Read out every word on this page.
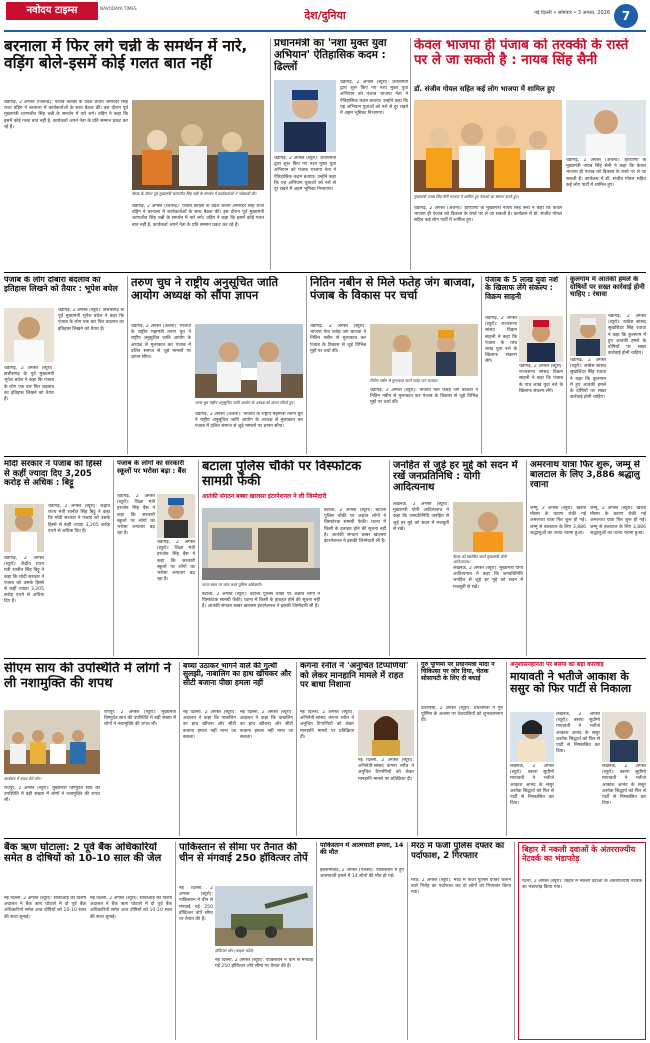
नवोदय टाइम्स	NAVODAYA TIMES
देश/दुनिया	नई दिल्ली • सोमवार • 3 अगस्त, 2026 7
बरनाला में फिर लगे चन्नी के समर्थन में नारे, वड़िंग बोले-इसमें कोई गलत बात नहीं
बैठक के दौरान पूर्व मुख्यमंत्री चरणजीत सिंह चन्नी के समर्थन में कार्यकर्ताओं ने नारेबाजी की।
चंडीगढ़, 2 अगस्त (जितेन्द्र): पंजाब कांग्रेस के प्रदेश प्रधान अमरिंदर सिंह राजा वड़िंग ने बरनाला में कार्यकर्ताओं के साथ बैठक की। इस दौरान पूर्व मुख्यमंत्री चरणजीत सिंह चन्नी के समर्थन में नारे लगे। वड़िंग ने कहा कि इसमें कोई गलत बात नहीं है, कार्यकर्ता अपने नेता के प्रति सम्मान प्रकट कर रहे हैं।
चंडीगढ़, 2 अगस्त (जितेन्द्र): पंजाब कांग्रेस के प्रदेश प्रधान अमरिंदर सिंह राजा वड़िंग ने बरनाला में कार्यकर्ताओं के साथ बैठक की। इस दौरान पूर्व मुख्यमंत्री चरणजीत सिंह चन्नी के समर्थन में नारे लगे। वड़िंग ने कहा कि इसमें कोई गलत बात नहीं है, कार्यकर्ता अपने नेता के प्रति सम्मान प्रकट कर रहे हैं।
प्रधानमंत्री का 'नशा मुक्त युवा अभियान' ऐतिहासिक कदम : ढिल्लों
चंडीगढ़, 2 अगस्त (ब्यूरो): प्रधानमंत्री द्वारा शुरू किए गए नशा मुक्त युवा अभियान को पंजाब भाजपा नेता ने ऐतिहासिक कदम बताया। उन्होंने कहा कि यह अभियान युवाओं को नशे से दूर रखने में अहम भूमिका निभाएगा।
चंडीगढ़, 2 अगस्त (ब्यूरो): प्रधानमंत्री द्वारा शुरू किए गए नशा मुक्त युवा अभियान को पंजाब भाजपा नेता ने ऐतिहासिक कदम बताया। उन्होंने कहा कि यह अभियान युवाओं को नशे से दूर रखने में अहम भूमिका निभाएगा।
केवल भाजपा ही पंजाब को तरक्की के रास्ते पर ले जा सकती है : नायब सिंह सैनी
डॉ. संजीव गोयल सहित कई लोग भाजपा में शामिल हुए
मुख्यमंत्री नायब सिंह सैनी भाजपा में शामिल हुए नेताओं का स्वागत करते हुए।
चंडीगढ़, 2 अगस्त (अर्चना): हरियाणा के मुख्यमंत्री नायब सिंह सैनी ने कहा कि केवल भाजपा ही पंजाब को विकास के रास्ते पर ले जा सकती है। कार्यक्रम में डॉ. संजीव गोयल सहित कई लोग पार्टी में शामिल हुए।
चंडीगढ़, 2 अगस्त (अर्चना): हरियाणा के मुख्यमंत्री नायब सिंह सैनी ने कहा कि केवल भाजपा ही पंजाब को विकास के रास्ते पर ले जा सकती है। कार्यक्रम में डॉ. संजीव गोयल सहित कई लोग पार्टी में शामिल हुए।
पंजाब के लोग दोबारा बदलाव का इतिहास लिखने को तैयार : भूपेश बघेल
चंडीगढ़, 2 अगस्त (ब्यूरो): छत्तीसगढ़ के पूर्व मुख्यमंत्री भूपेश बघेल ने कहा कि पंजाब के लोग एक बार फिर बदलाव का इतिहास लिखने को तैयार हैं।
चंडीगढ़, 2 अगस्त (ब्यूरो): छत्तीसगढ़ के पूर्व मुख्यमंत्री भूपेश बघेल ने कहा कि पंजाब के लोग एक बार फिर बदलाव का इतिहास लिखने को तैयार हैं।
तरुण चुघ ने राष्ट्रीय अनुसूचित जाति आयोग अध्यक्ष को सौंपा ज्ञापन
चंडीगढ़, 2 अगस्त (अर्चना): भाजपा के राष्ट्रीय महामंत्री तरुण चुघ ने राष्ट्रीय अनुसूचित जाति आयोग के अध्यक्ष से मुलाकात कर पंजाब में दलित समाज से जुड़े मामलों पर ज्ञापन सौंपा।
तरुण चुघ राष्ट्रीय अनुसूचित जाति आयोग के अध्यक्ष को ज्ञापन सौंपते हुए।
चंडीगढ़, 2 अगस्त (अर्चना): भाजपा के राष्ट्रीय महामंत्री तरुण चुघ ने राष्ट्रीय अनुसूचित जाति आयोग के अध्यक्ष से मुलाकात कर पंजाब में दलित समाज से जुड़े मामलों पर ज्ञापन सौंपा।
नितिन नबीन से मिले फतेह जंग बाजवा, पंजाब के विकास पर चर्चा
नितिन नबीन से मुलाकात करते फतेह जंग बाजवा।
चंडीगढ़, 2 अगस्त (ब्यूरो): भाजपा नेता फतेह जंग बाजवा ने नितिन नबीन से मुलाकात कर पंजाब के विकास से जुड़े विभिन्न मुद्दों पर चर्चा की।
चंडीगढ़, 2 अगस्त (ब्यूरो): भाजपा नेता फतेह जंग बाजवा ने नितिन नबीन से मुलाकात कर पंजाब के विकास से जुड़े विभिन्न मुद्दों पर चर्चा की।
पंजाब के 5 लाख युवा नशे के खिलाफ लेंगे संकल्प : विक्रम साहनी
चंडीगढ़, 2 अगस्त (ब्यूरो): राज्यसभा सांसद विक्रम साहनी ने कहा कि पंजाब के पांच लाख युवा नशे के खिलाफ संकल्प लेंगे।
चंडीगढ़, 2 अगस्त (ब्यूरो): राज्यसभा सांसद विक्रम साहनी ने कहा कि पंजाब के पांच लाख युवा नशे के खिलाफ संकल्प लेंगे।
कुलगाम में आतंकी हमले के दोषियों पर सख्त कार्रवाई होनी चाहिए : रंधावा
चंडीगढ़, 2 अगस्त (ब्यूरो): कांग्रेस सांसद सुखजिंदर सिंह रंधावा ने कहा कि कुलगाम में हुए आतंकी हमले के दोषियों पर सख्त कार्रवाई होनी चाहिए।
चंडीगढ़, 2 अगस्त (ब्यूरो): कांग्रेस सांसद सुखजिंदर सिंह रंधावा ने कहा कि कुलगाम में हुए आतंकी हमले के दोषियों पर सख्त कार्रवाई होनी चाहिए।
मोदी सरकार ने पंजाब को हिस्से से कहीं ज्यादा दिए 3,205 करोड़ से अधिक : बिट्टू
चंडीगढ़, 2 अगस्त (ब्यूरो): केंद्रीय राज्य मंत्री रवनीत सिंह बिट्टू ने कहा कि मोदी सरकार ने पंजाब को उसके हिस्से से कहीं ज्यादा 3,205 करोड़ रुपये से अधिक दिए हैं।
चंडीगढ़, 2 अगस्त (ब्यूरो): केंद्रीय राज्य मंत्री रवनीत सिंह बिट्टू ने कहा कि मोदी सरकार ने पंजाब को उसके हिस्से से कहीं ज्यादा 3,205 करोड़ रुपये से अधिक दिए हैं।
पंजाब के लोगों का सरकारी स्कूलों पर भरोसा बढ़ा : बैंस
चंडीगढ़, 2 अगस्त (ब्यूरो): शिक्षा मंत्री हरजोत सिंह बैंस ने कहा कि सरकारी स्कूलों पर लोगों का भरोसा लगातार बढ़ रहा है।
चंडीगढ़, 2 अगस्त (ब्यूरो): शिक्षा मंत्री हरजोत सिंह बैंस ने कहा कि सरकारी स्कूलों पर लोगों का भरोसा लगातार बढ़ रहा है।
बटाला पुलिस चौकी पर विस्फोटक सामग्री फेंकी
आतंकी संगठन बब्बर खालसा इंटरनेशनल ने ली जिम्मेदारी
घटना स्थल पर जांच करते पुलिस अधिकारी।
बटाला, 2 अगस्त (ब्यूरो): बटाला पुलिस चौकी पर अज्ञात लोगों ने विस्फोटक सामग्री फेंकी। घटना में किसी के हताहत होने की सूचना नहीं है। आतंकी संगठन बब्बर खालसा इंटरनेशनल ने इसकी जिम्मेदारी ली है।
बटाला, 2 अगस्त (ब्यूरो): बटाला पुलिस चौकी पर अज्ञात लोगों ने विस्फोटक सामग्री फेंकी। घटना में किसी के हताहत होने की सूचना नहीं है। आतंकी संगठन बब्बर खालसा इंटरनेशनल ने इसकी जिम्मेदारी ली है।
जनहित से जुड़े हर मुद्दे को सदन में रखें जनप्रतिनिधि : योगी आदित्यनाथ
बैठक को संबोधित करते मुख्यमंत्री योगी आदित्यनाथ।
लखनऊ, 2 अगस्त (ब्यूरो): मुख्यमंत्री योगी आदित्यनाथ ने कहा कि जनप्रतिनिधि जनहित से जुड़े हर मुद्दे को सदन में मजबूती से रखें।
लखनऊ, 2 अगस्त (ब्यूरो): मुख्यमंत्री योगी आदित्यनाथ ने कहा कि जनप्रतिनिधि जनहित से जुड़े हर मुद्दे को सदन में मजबूती से रखें।
अमरनाथ यात्रा फिर शुरू, जम्मू से बालटाल के लिए 3,886 श्रद्धालु रवाना
जम्मू, 2 अगस्त (ब्यूरो): खराब मौसम के कारण रोकी गई अमरनाथ यात्रा फिर शुरू हो गई। जम्मू से बालटाल के लिए 3,886 श्रद्धालुओं का जत्था रवाना हुआ।
जम्मू, 2 अगस्त (ब्यूरो): खराब मौसम के कारण रोकी गई अमरनाथ यात्रा फिर शुरू हो गई। जम्मू से बालटाल के लिए 3,886 श्रद्धालुओं का जत्था रवाना हुआ।
सीएम साय की उपस्थिति में लोगों ने ली नशामुक्ति की शपथ
कार्यक्रम में शपथ लेते लोग।
रायपुर, 2 अगस्त (ब्यूरो): मुख्यमंत्री विष्णुदेव साय की उपस्थिति में बड़ी संख्या में लोगों ने नशामुक्ति की शपथ ली।
रायपुर, 2 अगस्त (ब्यूरो): मुख्यमंत्री विष्णुदेव साय की उपस्थिति में बड़ी संख्या में लोगों ने नशामुक्ति की शपथ ली।
बच्चा उठाकर भागने वाले की गुत्थी सुलझी, नाबालिग का हाथ खींचकर और सीटी बजाना पीछा हमला नहीं
नई दिल्ली, 2 अगस्त (ब्यूरो): अदालत ने कहा कि नाबालिग का हाथ खींचना और सीटी बजाना हमला नहीं माना जा सकता।
नई दिल्ली, 2 अगस्त (ब्यूरो): अदालत ने कहा कि नाबालिग का हाथ खींचना और सीटी बजाना हमला नहीं माना जा सकता।
कंगना रनौत ने 'अनुचित टिप्पणियों' को लेकर मानहानि मामले में राहत पर बाधा निशाना
नई दिल्ली, 2 अगस्त (ब्यूरो): अभिनेत्री-सांसद कंगना रनौत ने अनुचित टिप्पणियों को लेकर मानहानि मामले पर प्रतिक्रिया दी।
नई दिल्ली, 2 अगस्त (ब्यूरो): अभिनेत्री-सांसद कंगना रनौत ने अनुचित टिप्पणियों को लेकर मानहानि मामले पर प्रतिक्रिया दी।
गुरु पूर्णिमा पर प्रधानमंत्री मोदी ने चिकित्सा पर जोर दिया, चेतक सोसायटी के लिए दी बधाई
वाराणसी, 2 अगस्त (ब्यूरो): प्रधानमंत्री ने गुरु पूर्णिमा के अवसर पर देशवासियों को शुभकामनाएं दीं।
अनुशासनहीनता पर बसपा की बड़ी कार्रवाई
मायावती ने भतीजे आकाश के ससुर को फिर पार्टी से निकाला
लखनऊ, 2 अगस्त (ब्यूरो): बसपा सुप्रीमो मायावती ने भतीजे आकाश आनंद के ससुर अशोक सिद्धार्थ को फिर से पार्टी से निष्कासित कर दिया।
लखनऊ, 2 अगस्त (ब्यूरो): बसपा सुप्रीमो मायावती ने भतीजे आकाश आनंद के ससुर अशोक सिद्धार्थ को फिर से पार्टी से निष्कासित कर दिया।
लखनऊ, 2 अगस्त (ब्यूरो): बसपा सुप्रीमो मायावती ने भतीजे आकाश आनंद के ससुर अशोक सिद्धार्थ को फिर से पार्टी से निष्कासित कर दिया।
बैंक ऋण घोटाला: 2 पूर्व बैंक अधिकारियों समेत 8 दोषियों को 10-10 साल की जेल
नई दिल्ली, 2 अगस्त (ब्यूरो): सीबीआई की विशेष अदालत ने बैंक ऋण घोटाले में दो पूर्व बैंक अधिकारियों समेत आठ दोषियों को 10-10 साल की सजा सुनाई।
नई दिल्ली, 2 अगस्त (ब्यूरो): सीबीआई की विशेष अदालत ने बैंक ऋण घोटाले में दो पूर्व बैंक अधिकारियों समेत आठ दोषियों को 10-10 साल की सजा सुनाई।
पाकिस्तान से सीमा पर तैनात की चीन से मंगवाई 250 हॉवित्जर तोपें
हॉवित्जर तोप (फाइल फोटो)
नई दिल्ली, 2 अगस्त (ब्यूरो): पाकिस्तान ने चीन से मंगवाई गई 250 हॉवित्जर तोपें सीमा पर तैनात की हैं।
नई दिल्ली, 2 अगस्त (ब्यूरो): पाकिस्तान ने चीन से मंगवाई गई 250 हॉवित्जर तोपें सीमा पर तैनात की हैं।
पाकिस्तान में आत्मघाती हमला, 14 की मौत
इस्लामाबाद, 2 अगस्त (एजेंसी): पाकिस्तान में हुए आत्मघाती हमले में 14 लोगों की मौत हो गई।
मेरठ में फर्जी पुलिस दफ्तर का पर्दाफाश, 2 गिरफ्तार
मेरठ, 2 अगस्त (ब्यूरो): मेरठ में फर्जी पुलिस दफ्तर चलाने वाले गिरोह का पर्दाफाश कर दो लोगों को गिरफ्तार किया गया।
बिहार में नकली दवाओं के अंतरराज्यीय नेटवर्क का भंडाफोड़
पटना, 2 अगस्त (ब्यूरो): बिहार में नकली दवाओं के अंतरराज्यीय नेटवर्क का भंडाफोड़ किया गया।
